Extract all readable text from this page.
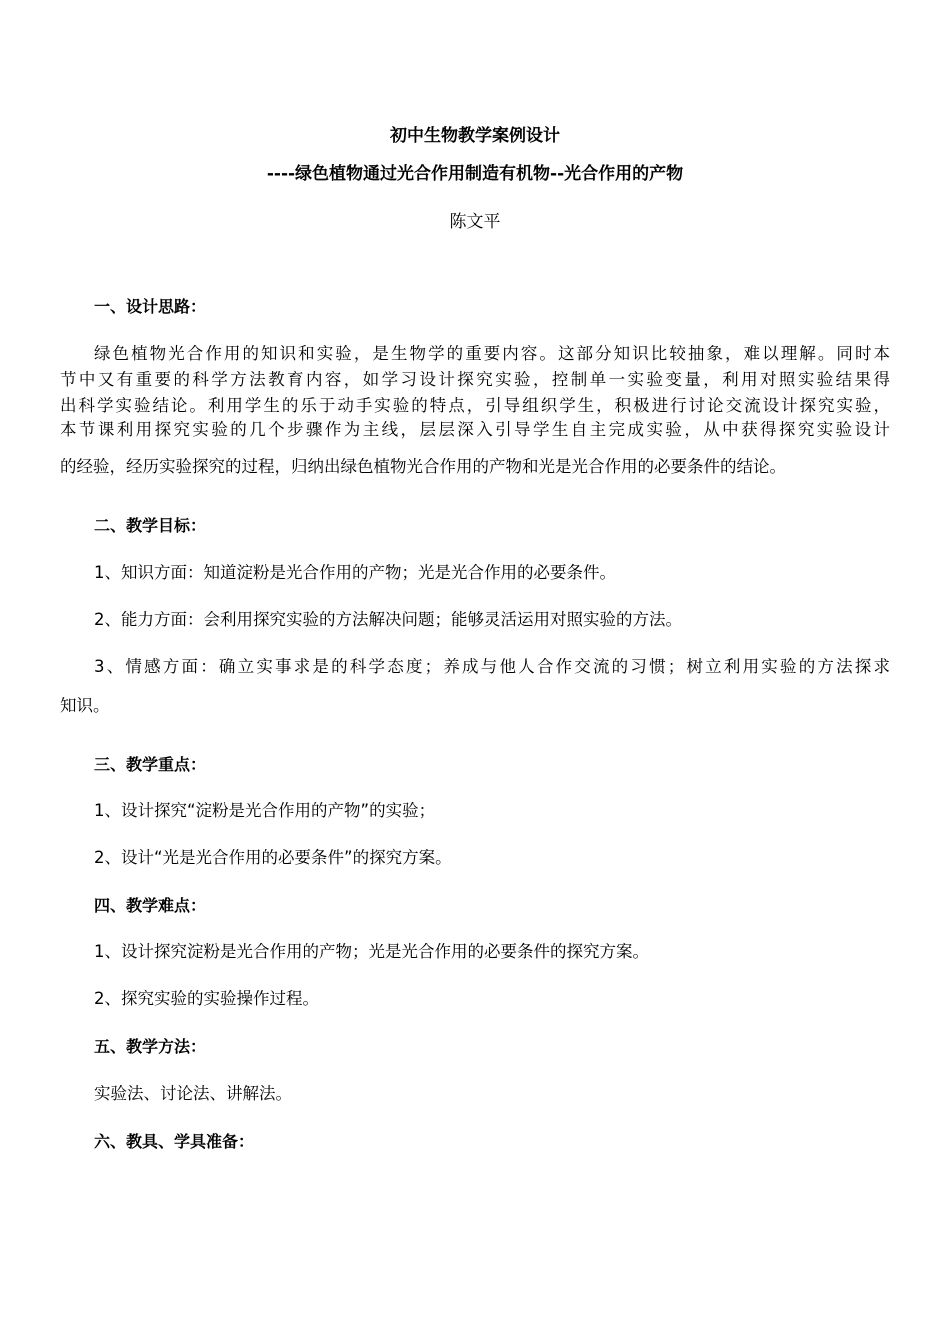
初中生物教学案例设计
----绿色植物通过光合作用制造有机物--光合作用的产物
陈文平
一、设计思路：
绿色植物光合作用的知识和实验，是生物学的重要内容。这部分知识比较抽象，难以理解。同时本
节中又有重要的科学方法教育内容，如学习设计探究实验，控制单一实验变量，利用对照实验结果得
出科学实验结论。利用学生的乐于动手实验的特点，引导组织学生，积极进行讨论交流设计探究实验，
本节课利用探究实验的几个步骤作为主线，层层深入引导学生自主完成实验，从中获得探究实验设计
的经验，经历实验探究的过程，归纳出绿色植物光合作用的产物和光是光合作用的必要条件的结论。
二、教学目标：
1、知识方面：知道淀粉是光合作用的产物；光是光合作用的必要条件。
2、能力方面：会利用探究实验的方法解决问题；能够灵活运用对照实验的方法。
3、情感方面：确立实事求是的科学态度；养成与他人合作交流的习惯；树立利用实验的方法探求
知识。
三、教学重点：
1、设计探究“淀粉是光合作用的产物”的实验；
2、设计“光是光合作用的必要条件”的探究方案。
四、教学难点：
1、设计探究淀粉是光合作用的产物；光是光合作用的必要条件的探究方案。
2、探究实验的实验操作过程。
五、教学方法：
实验法、讨论法、讲解法。
六、教具、学具准备：
